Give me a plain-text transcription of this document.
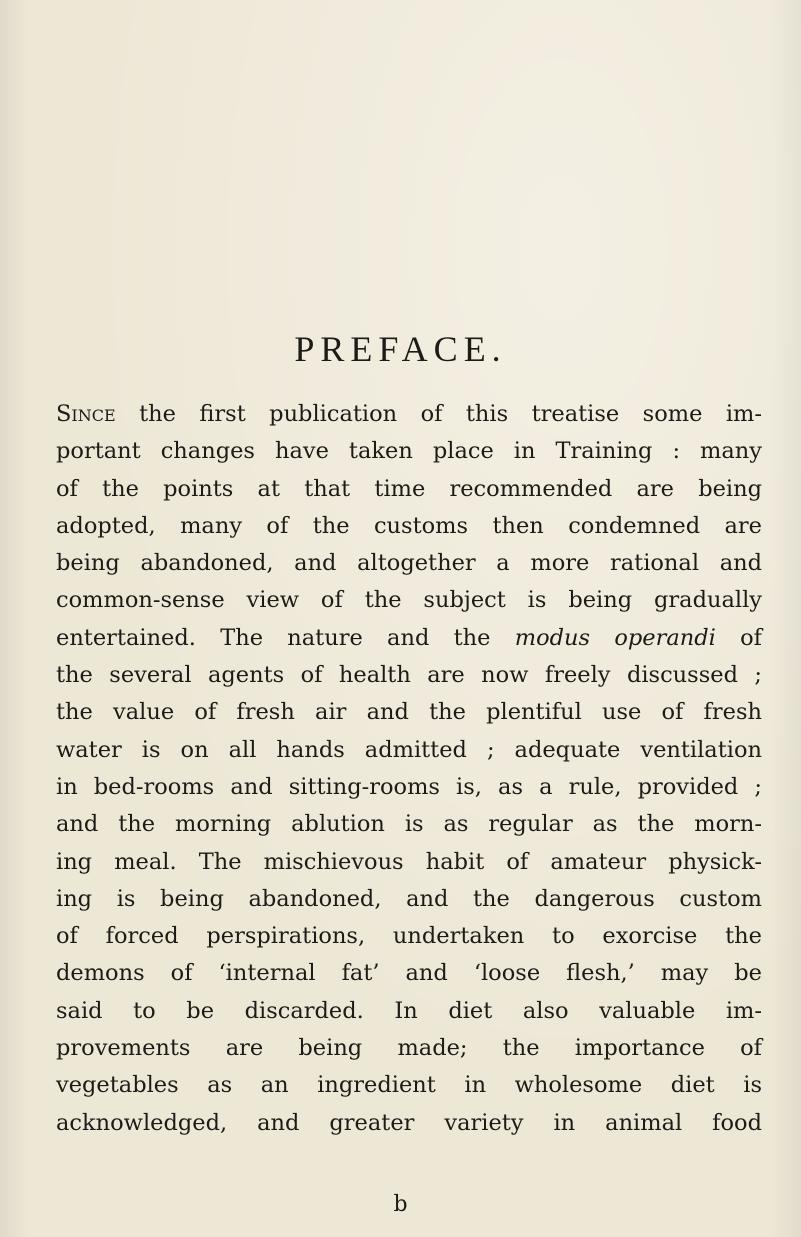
PREFACE.
Since the first publication of this treatise some im-
portant changes have taken place in Training : many
of the points at that time recommended are being
adopted, many of the customs then condemned are
being abandoned, and altogether a more rational and
common-sense view of the subject is being gradually
entertained. The nature and the modus operandi of
the several agents of health are now freely discussed ;
the value of fresh air and the plentiful use of fresh
water is on all hands admitted ; adequate ventilation
in bed-rooms and sitting-rooms is, as a rule, provided ;
and the morning ablution is as regular as the morn-
ing meal. The mischievous habit of amateur physick-
ing is being abandoned, and the dangerous custom
of forced perspirations, undertaken to exorcise the
demons of ‘internal fat’ and ‘loose flesh,’ may be
said to be discarded. In diet also valuable im-
provements are being made; the importance of
vegetables as an ingredient in wholesome diet is
acknowledged, and greater variety in animal food
b
